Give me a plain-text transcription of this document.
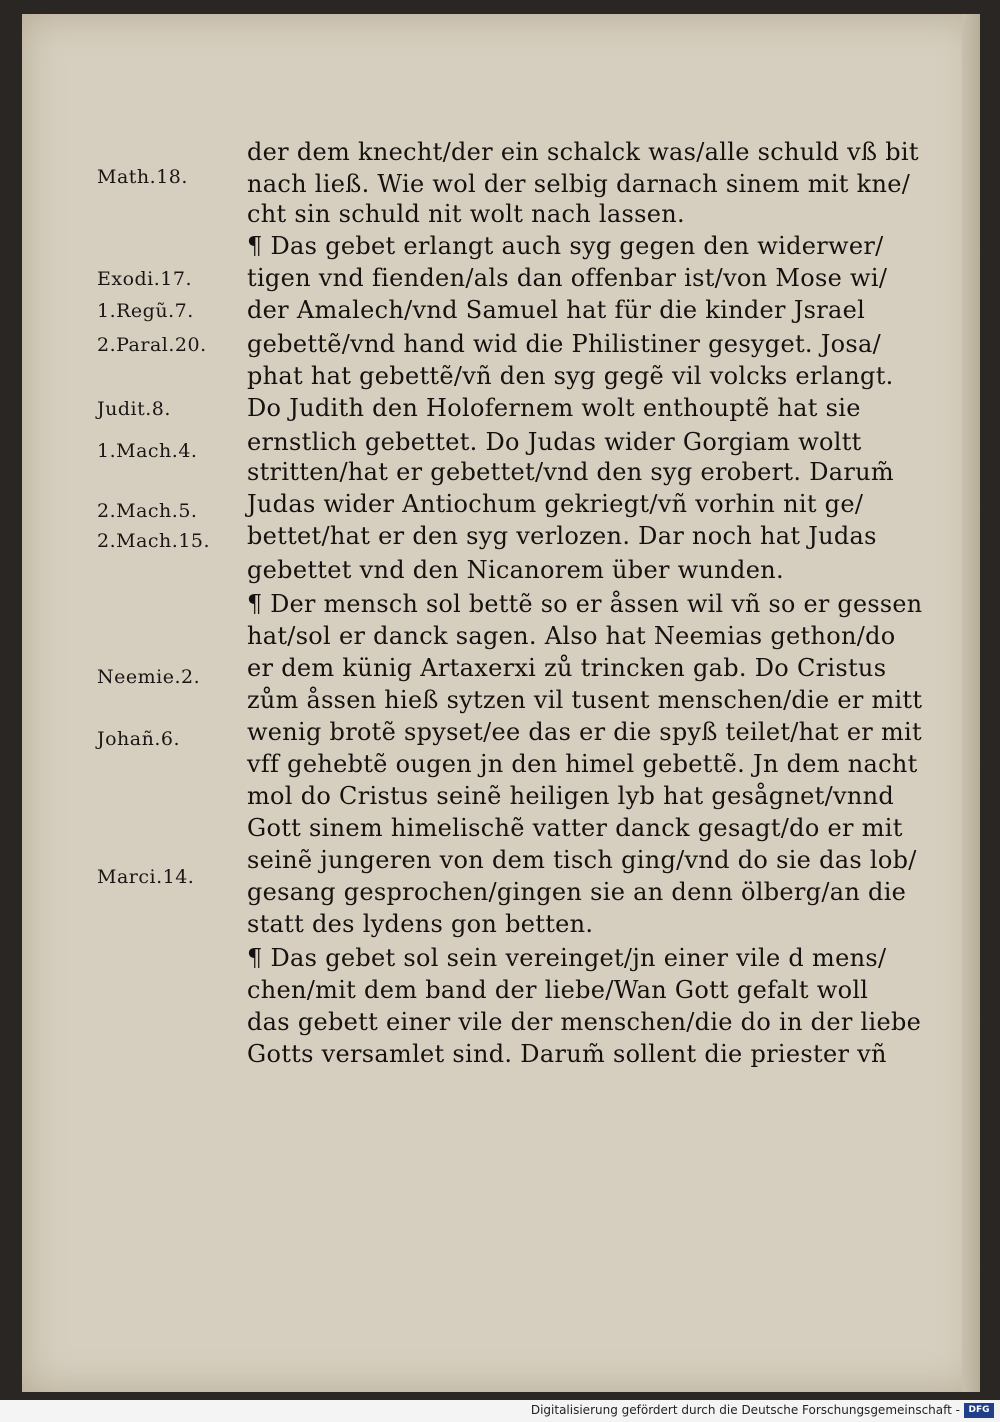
Math.18.
Exodi.17.
1.Regũ.7.
2.Paral.20.
Judit.8.
1.Mach.4.
2.Mach.5.
2.Mach.15.
Neemie.2.
Johañ.6.
Marci.14.
der dem knecht/der ein schalck was/alle schuld vß bit
nach ließ. Wie wol der selbig darnach sinem mit kne/
cht sin schuld nit wolt nach lassen.
¶ Das gebet erlangt auch syg gegen den widerwer/
tigen vnd fienden/als dan offenbar ist/von Mose wi/
der Amalech/vnd Samuel hat für die kinder Jsrael
gebettẽ/vnd hand wid die Philistiner gesyget. Josa/
phat hat gebettẽ/vñ den syg gegẽ vil volcks erlangt.
Do Judith den Holofernem wolt enthouptẽ hat sie
ernstlich gebettet. Do Judas wider Gorgiam woltt
stritten/hat er gebettet/vnd den syg erobert. Darum̃
Judas wider Antiochum gekriegt/vñ vorhin nit ge/
bettet/hat er den syg verlozen. Dar noch hat Judas
gebettet vnd den Nicanorem über wunden.
¶ Der mensch sol bettẽ so er åssen wil vñ so er gessen
hat/sol er danck sagen. Also hat Neemias gethon/do
er dem künig Artaxerxi zů trincken gab. Do Cristus
zům åssen hieß sytzen vil tusent menschen/die er mitt
wenig brotẽ spyset/ee das er die spyß teilet/hat er mit
vff gehebtẽ ougen jn den himel gebettẽ. Jn dem nacht
mol do Cristus seinẽ heiligen lyb hat gesågnet/vnnd
Gott sinem himelischẽ vatter danck gesagt/do er mit
seinẽ jungeren von dem tisch ging/vnd do sie das lob/
gesang gesprochen/gingen sie an denn ölberg/an die
statt des lydens gon betten.
¶ Das gebet sol sein vereinget/jn einer vile d mens/
chen/mit dem band der liebe/Wan Gott gefalt woll
das gebett einer vile der menschen/die do in der liebe
Gotts versamlet sind. Darum̃ sollent die priester vñ
Digitalisierung gefördert durch die Deutsche Forschungsgemeinschaft - DFG
